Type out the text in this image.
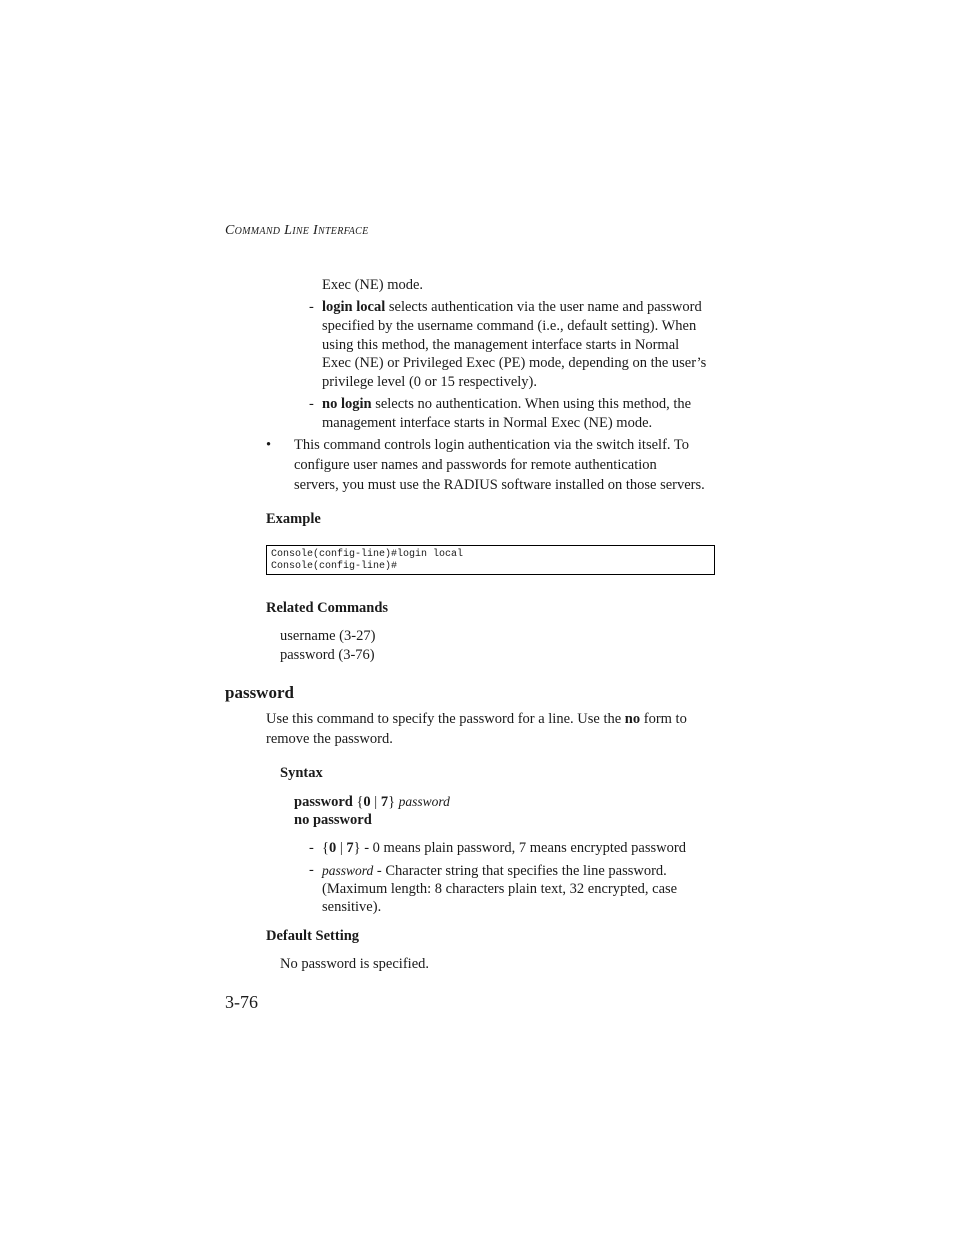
Command Line Interface
Exec (NE) mode.
- login local selects authentication via the user name and password
specified by the username command (i.e., default setting). When
using this method, the management interface starts in Normal
Exec (NE) or Privileged Exec (PE) mode, depending on the user’s
privilege level (0 or 15 respectively).
- no login selects no authentication. When using this method, the
management interface starts in Normal Exec (NE) mode.
• This command controls login authentication via the switch itself. To
configure user names and passwords for remote authentication
servers, you must use the RADIUS software installed on those servers.
Example
Console(config-line)#login local
Console(config-line)#
Related Commands
username (3-27)
password (3-76)
password
Use this command to specify the password for a line. Use the no form to
remove the password.
Syntax
password {0 | 7} password
no password
- {0 | 7} - 0 means plain password, 7 means encrypted password
- password - Character string that specifies the line password.
(Maximum length: 8 characters plain text, 32 encrypted, case
sensitive).
Default Setting
No password is specified.
3-76
